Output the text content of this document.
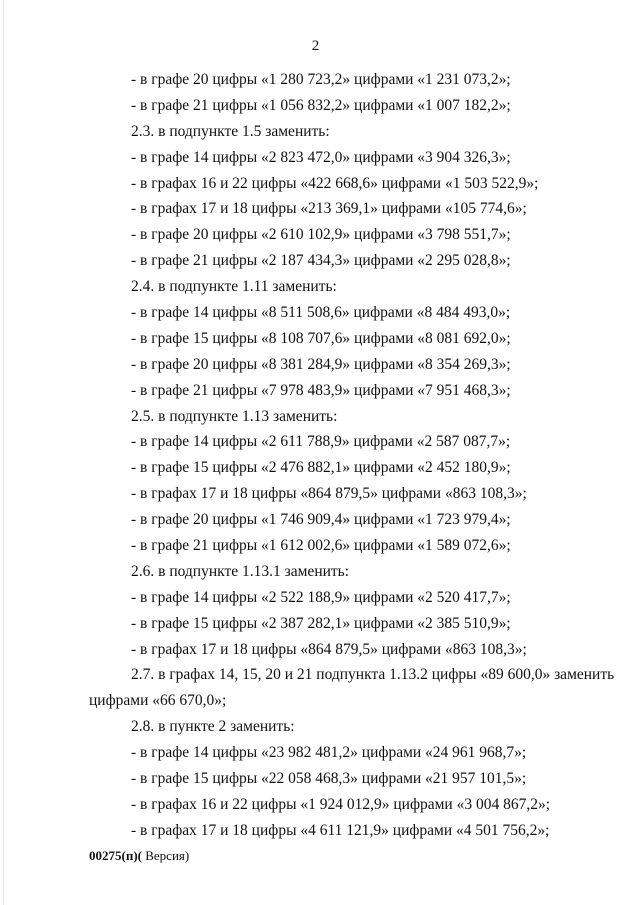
2
- в графе 20 цифры «1 280 723,2» цифрами «1 231 073,2»;
- в графе 21 цифры «1 056 832,2» цифрами «1 007 182,2»;
2.3. в подпункте 1.5 заменить:
- в графе 14 цифры «2 823 472,0» цифрами «3 904 326,3»;
- в графах 16 и 22 цифры «422 668,6» цифрами «1 503 522,9»;
- в графах 17 и 18 цифры «213 369,1» цифрами «105 774,6»;
- в графе 20 цифры «2 610 102,9» цифрами «3 798 551,7»;
- в графе 21 цифры «2 187 434,3» цифрами «2 295 028,8»;
2.4. в подпункте 1.11 заменить:
- в графе 14 цифры «8 511 508,6» цифрами «8 484 493,0»;
- в графе 15 цифры «8 108 707,6» цифрами «8 081 692,0»;
- в графе 20 цифры «8 381 284,9» цифрами «8 354 269,3»;
- в графе 21 цифры «7 978 483,9» цифрами «7 951 468,3»;
2.5. в подпункте 1.13 заменить:
- в графе 14 цифры «2 611 788,9» цифрами «2 587 087,7»;
- в графе 15 цифры «2 476 882,1» цифрами «2 452 180,9»;
- в графах 17 и 18 цифры «864 879,5» цифрами «863 108,3»;
- в графе 20 цифры «1 746 909,4» цифрами «1 723 979,4»;
- в графе 21 цифры «1 612 002,6» цифрами «1 589 072,6»;
2.6. в подпункте 1.13.1 заменить:
- в графе 14 цифры «2 522 188,9» цифрами «2 520 417,7»;
- в графе 15 цифры «2 387 282,1» цифрами «2 385 510,9»;
- в графах 17 и 18 цифры «864 879,5» цифрами «863 108,3»;
2.7. в графах 14, 15, 20 и 21 подпункта 1.13.2 цифры «89 600,0» заменить
цифрами «66 670,0»;
2.8. в пункте 2 заменить:
- в графе 14 цифры «23 982 481,2» цифрами «24 961 968,7»;
- в графе 15 цифры «22 058 468,3» цифрами «21 957 101,5»;
- в графах 16 и 22 цифры «1 924 012,9» цифрами «3 004 867,2»;
- в графах 17 и 18 цифры «4 611 121,9» цифрами «4 501 756,2»;
00275(п)( Версия)
